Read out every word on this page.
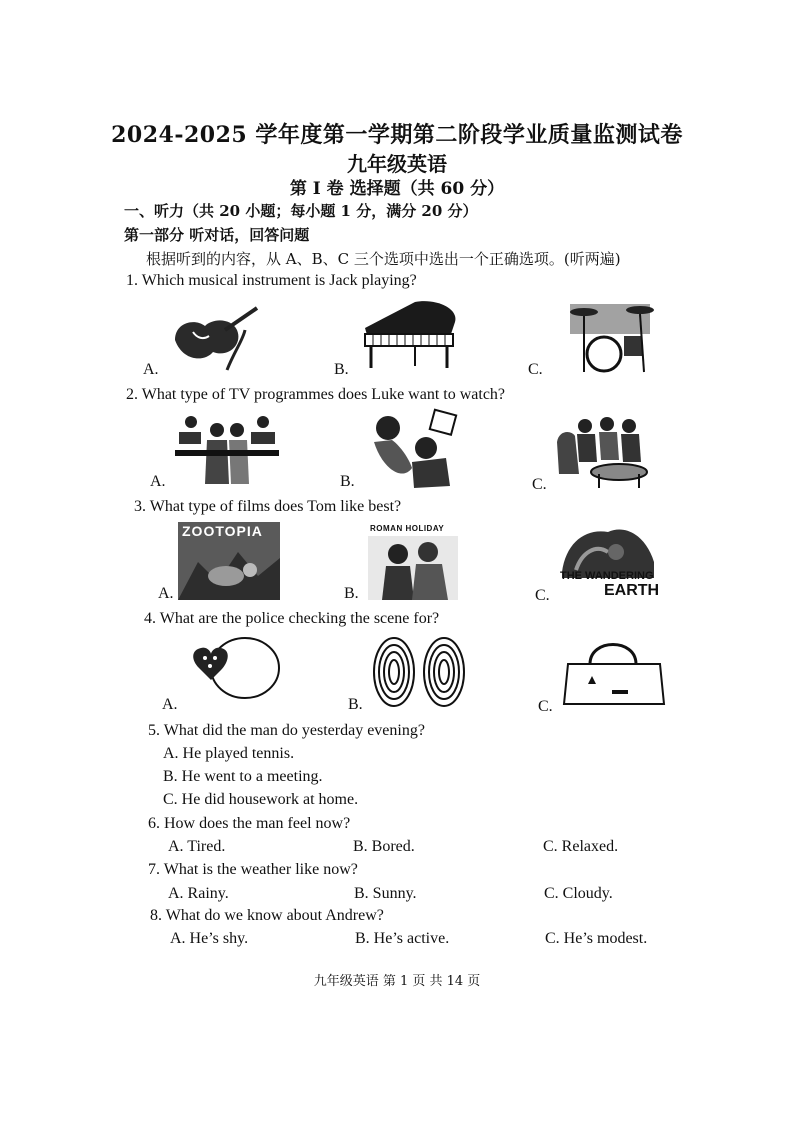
2024-2025 学年度第一学期第二阶段学业质量监测试卷
九年级英语
第 I 卷 选择题（共 60 分）
一、听力（共 20 小题；每小题 1 分，满分 20 分）
第一部分 听对话，回答问题
根据听到的内容，从 A、B、C 三个选项中选出一个正确选项。(听两遍)
1. Which musical instrument is Jack playing?
A.	B.	C.
2. What type of TV programmes does Luke want to watch?
A.	B.	C.
3. What type of films does Tom like best?
A.	B.	C.
ZOOTOPIA	ROMAN HOLIDAY
THE WANDERING
EARTH
4. What are the police checking the scene for?
A.	B.	C.
5. What did the man do yesterday evening?
A. He played tennis.
B. He went to a meeting.
C. He did housework at home.
6. How does the man feel now?
A. Tired.	B. Bored.	C. Relaxed.
7. What is the weather like now?
A. Rainy.	B. Sunny.	C. Cloudy.
8. What do we know about Andrew?
A. He’s shy.	B. He’s active.	C. He’s modest.
九年级英语 第 1 页 共 14 页
